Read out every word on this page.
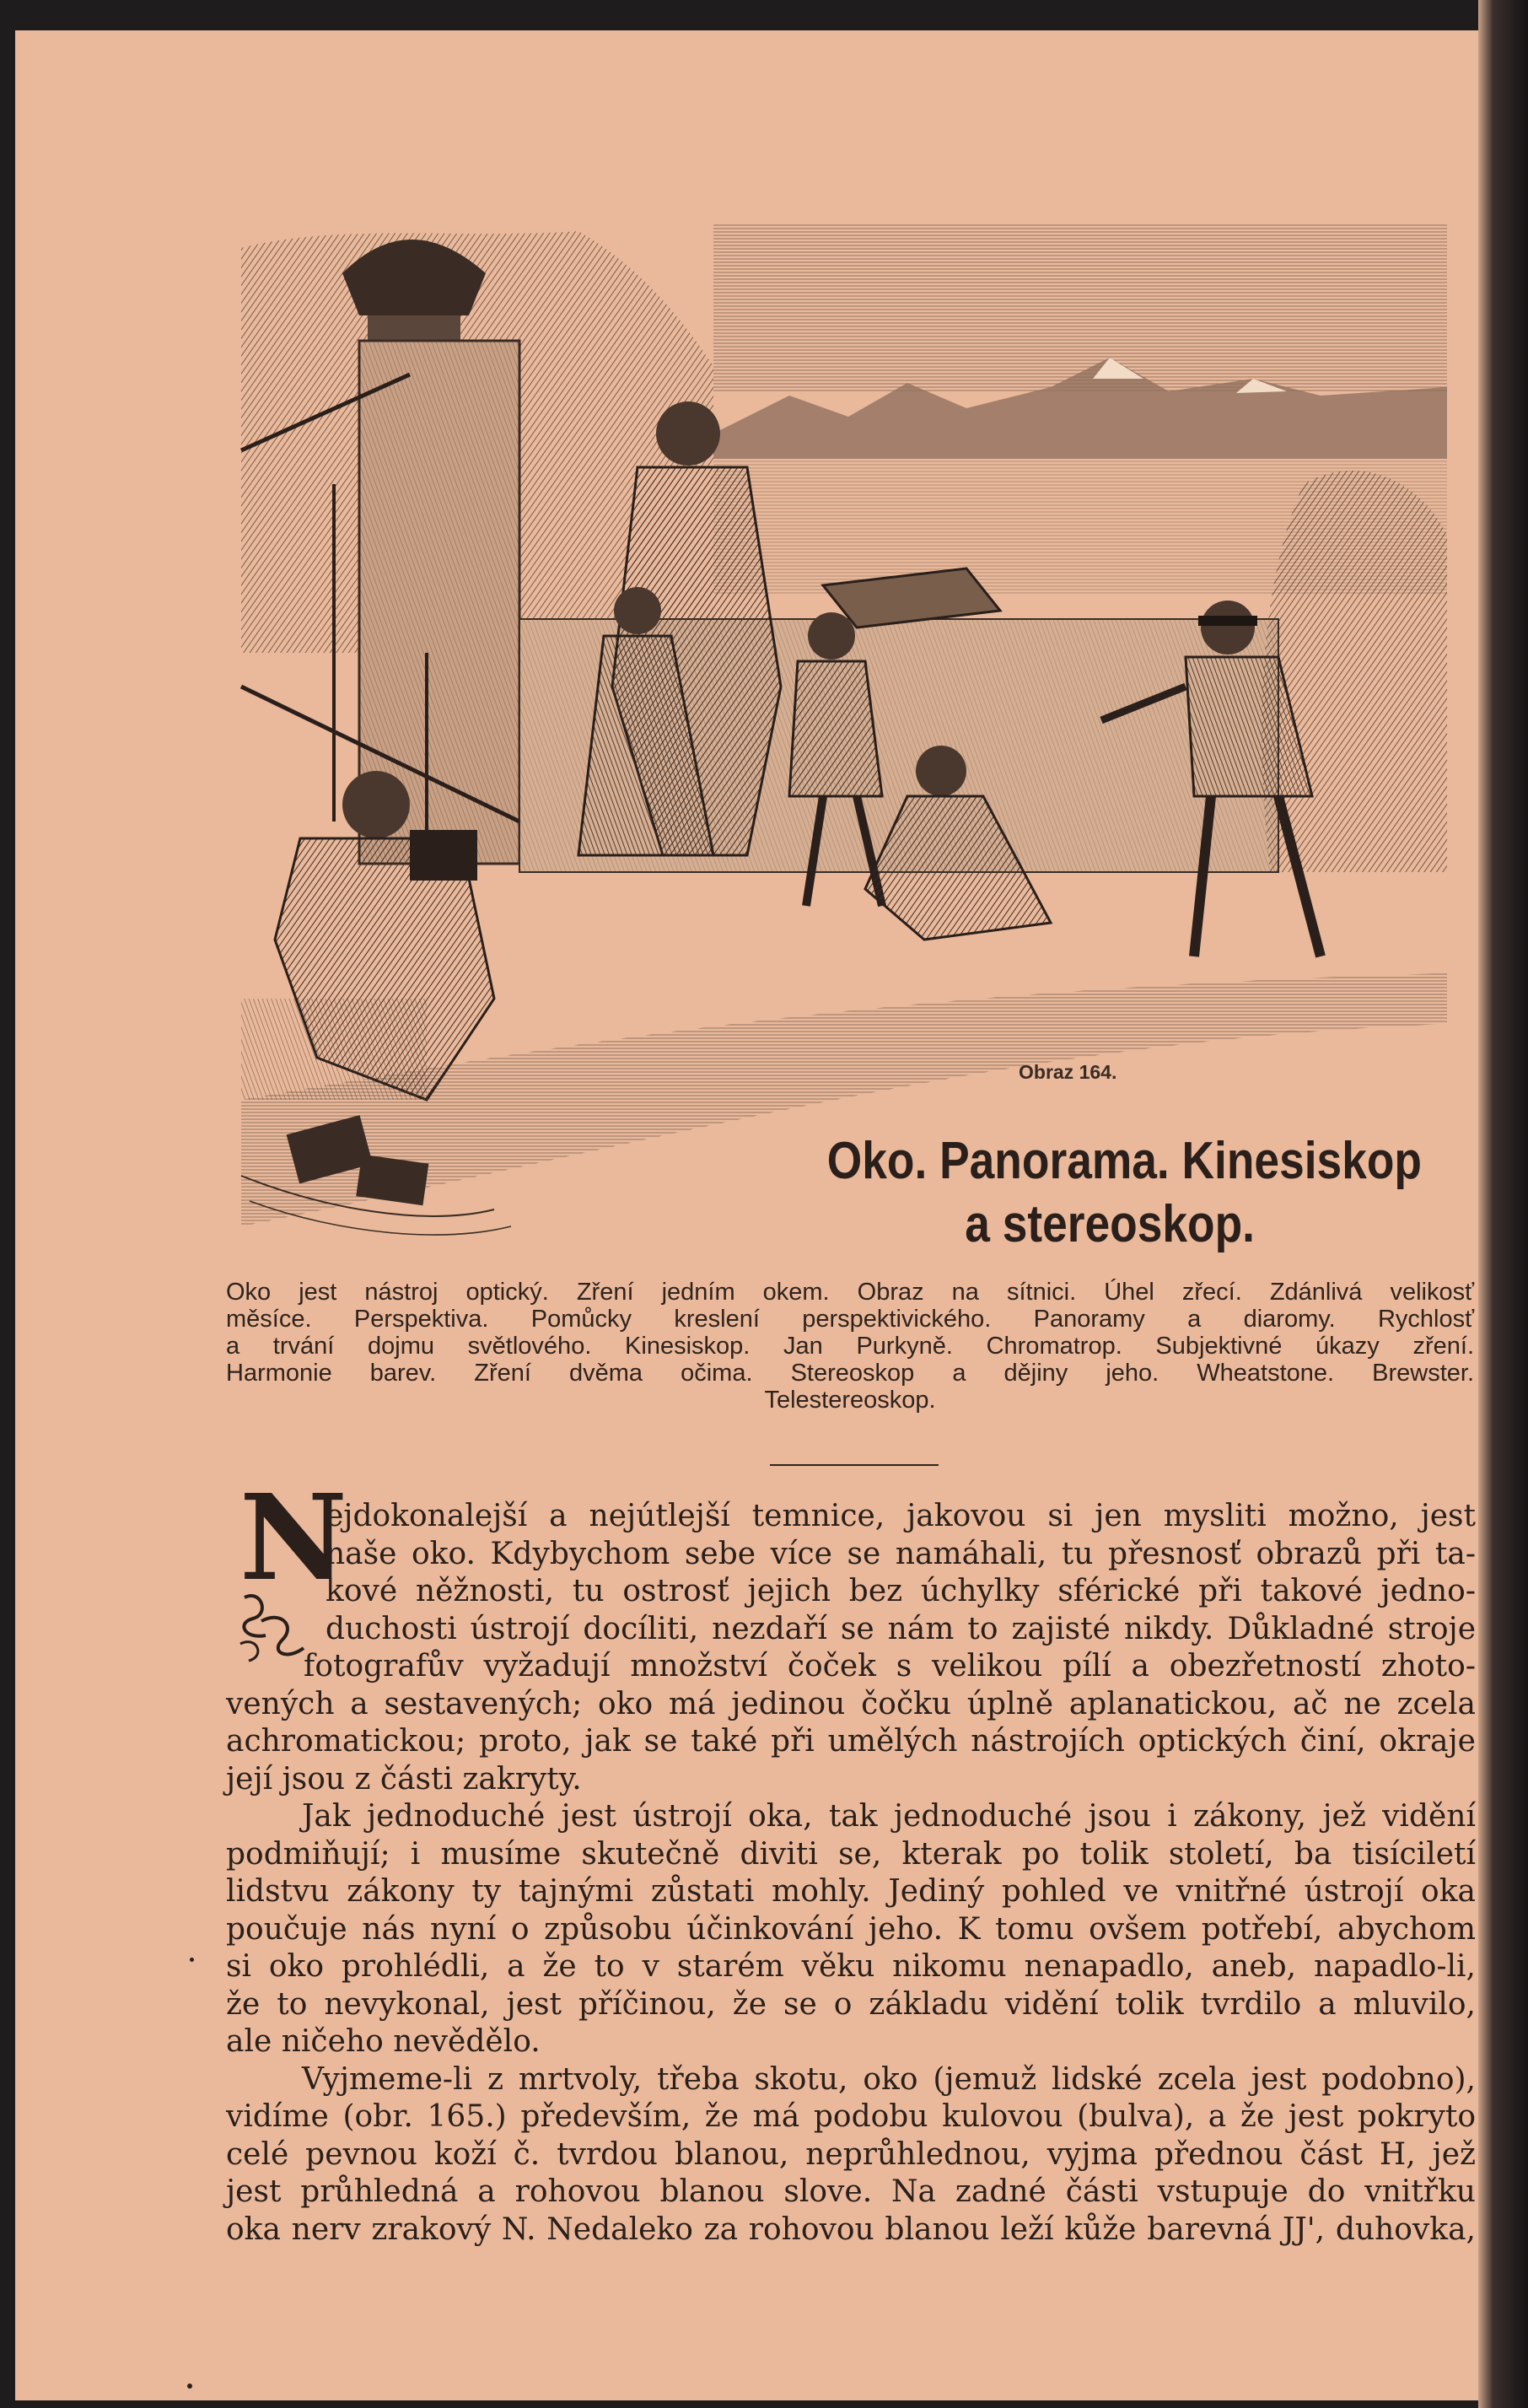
Obraz 164.
Oko. Panorama. Kinesiskop
a stereoskop.
Oko jest nástroj optický. Zření jedním okem. Obraz na sítnici. Úhel zřecí. Zdánlivá velikosť
měsíce. Perspektiva. Pomůcky kreslení perspektivického. Panoramy a diaromy. Rychlosť
a trvání dojmu světlového. Kinesiskop. Jan Purkyně. Chromatrop. Subjektivné úkazy zření.
Harmonie barev. Zření dvěma očima. Stereoskop a dějiny jeho. Wheatstone. Brewster.
Telestereoskop.
N
ejdokonalejší a nejútlejší temnice, jakovou si jen mysliti možno, jest
naše oko. Kdybychom sebe více se namáhali, tu přesnosť obrazů při ta-
kové něžnosti, tu ostrosť jejich bez úchylky sférické při takové jedno-
duchosti ústrojí docíliti, nezdaří se nám to zajisté nikdy. Důkladné stroje
fotografův vyžadují množství čoček s velikou pílí a obezřetností zhoto-
vených a sestavených; oko má jedinou čočku úplně aplanatickou, ač ne zcela
achromatickou; proto, jak se také při umělých nástrojích optických činí, okraje
její jsou z části zakryty.
Jak jednoduché jest ústrojí oka, tak jednoduché jsou i zákony, jež vidění
podmiňují; i musíme skutečně diviti se, kterak po tolik století, ba tisíciletí
lidstvu zákony ty tajnými zůstati mohly. Jediný pohled ve vnitřné ústrojí oka
poučuje nás nyní o způsobu účinkování jeho. K tomu ovšem potřebí, abychom
si oko prohlédli, a že to v starém věku nikomu nenapadlo, aneb, napadlo-li,
že to nevykonal, jest příčinou, že se o základu vidění tolik tvrdilo a mluvilo,
ale ničeho nevědělo.
Vyjmeme-li z mrtvoly, třeba skotu, oko (jemuž lidské zcela jest podobno),
vidíme (obr. 165.) především, že má podobu kulovou (bulva), a že jest pokryto
celé pevnou koží č. tvrdou blanou, neprůhlednou, vyjma přednou část H, jež
jest průhledná a rohovou blanou slove. Na zadné části vstupuje do vnitřku
oka nerv zrakový N. Nedaleko za rohovou blanou leží kůže barevná JJ', duhovka,
